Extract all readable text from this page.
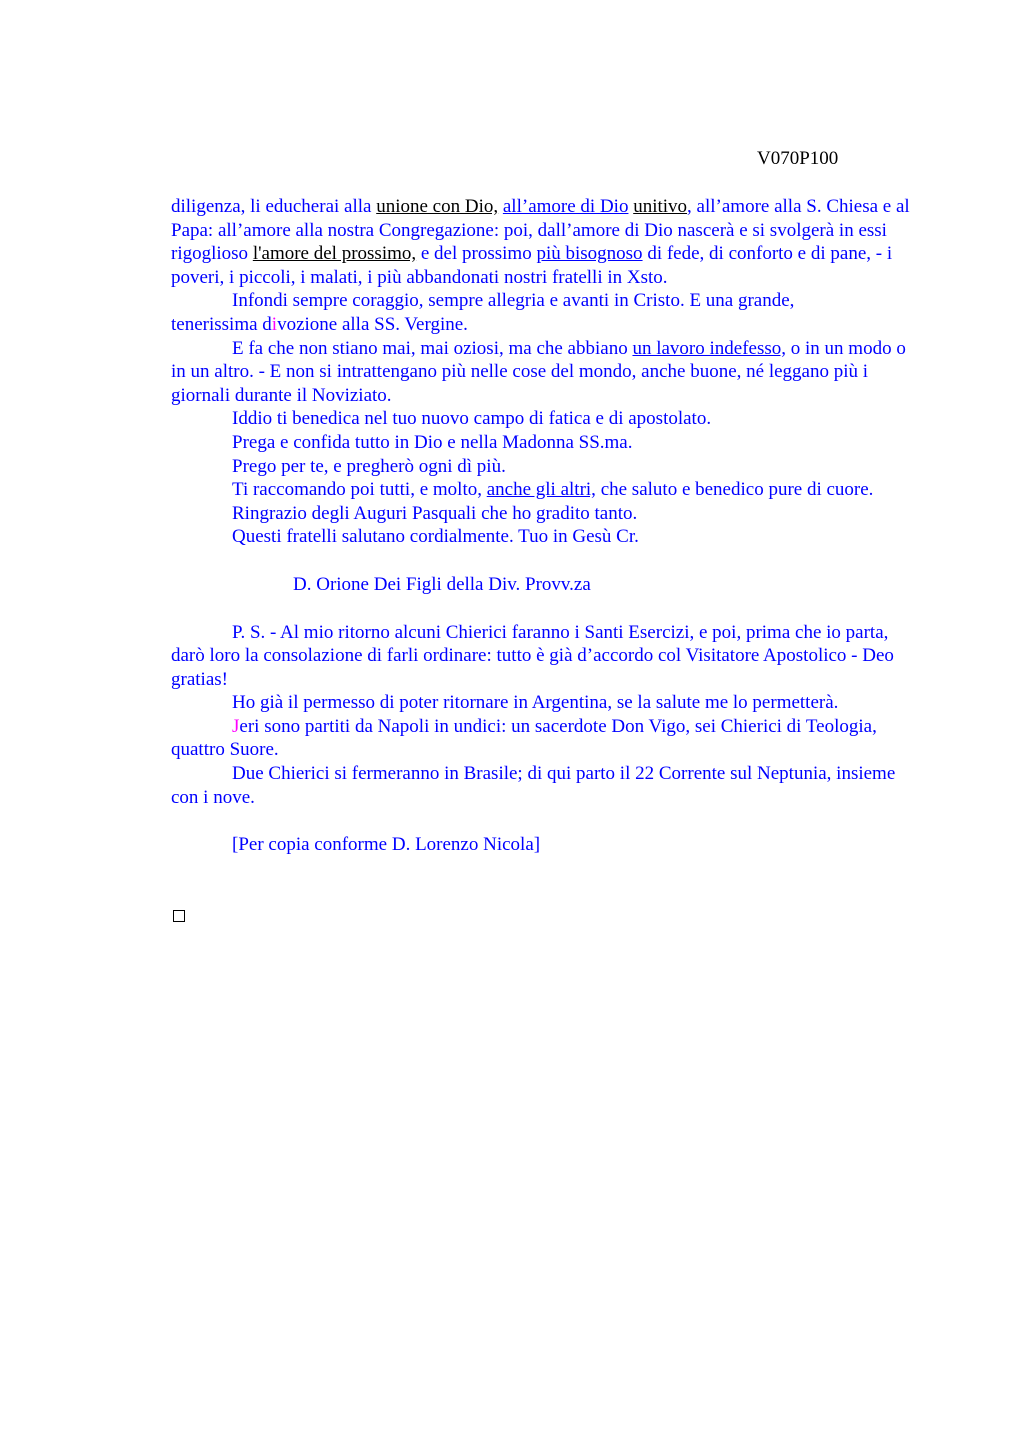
V070P100

diligenza, li educherai alla unione con Dio, all’amore di Dio unitivo, all’amore alla S. Chiesa e al Papa: all’amore alla nostra Congregazione: poi, dall’amore di Dio nascerà e si svolgerà in essi rigoglioso l'amore del prossimo, e del prossimo più bisognoso di fede, di conforto e di pane, - i poveri, i piccoli, i malati, i più abbandonati nostri fratelli in Xsto.

Infondi sempre coraggio, sempre allegria e avanti in Cristo. E una grande,

tenerissima divozione alla SS. Vergine.

E fa che non stiano mai, mai oziosi, ma che abbiano un lavoro indefesso, o in un modo o in un altro. - E non si intrattengano più nelle cose del mondo, anche buone, né leggano più i giornali durante il Noviziato.

Iddio ti benedica nel tuo nuovo campo di fatica e di apostolato.

Prega e confida tutto in Dio e nella Madonna SS.ma.

Prego per te, e pregherò ogni dì più.

Ti raccomando poi tutti, e molto, anche gli altri, che saluto e benedico pure di cuore.

Ringrazio degli Auguri Pasquali che ho gradito tanto.

Questi fratelli salutano cordialmente. Tuo in Gesù Cr.

D. Orione Dei Figli della Div. Provv.za

P. S. - Al mio ritorno alcuni Chierici faranno i Santi Esercizi, e poi, prima che io parta, darò loro la consolazione di farli ordinare: tutto è già d’accordo col Visitatore Apostolico - Deo gratias!

Ho già il permesso di poter ritornare in Argentina, se la salute me lo permetterà.

Jeri sono partiti da Napoli in undici: un sacerdote Don Vigo, sei Chierici di Teologia, quattro Suore.

Due Chierici si fermeranno in Brasile; di qui parto il 22 Corrente sul Neptunia, insieme con i nove.

[Per copia conforme D. Lorenzo Nicola]
